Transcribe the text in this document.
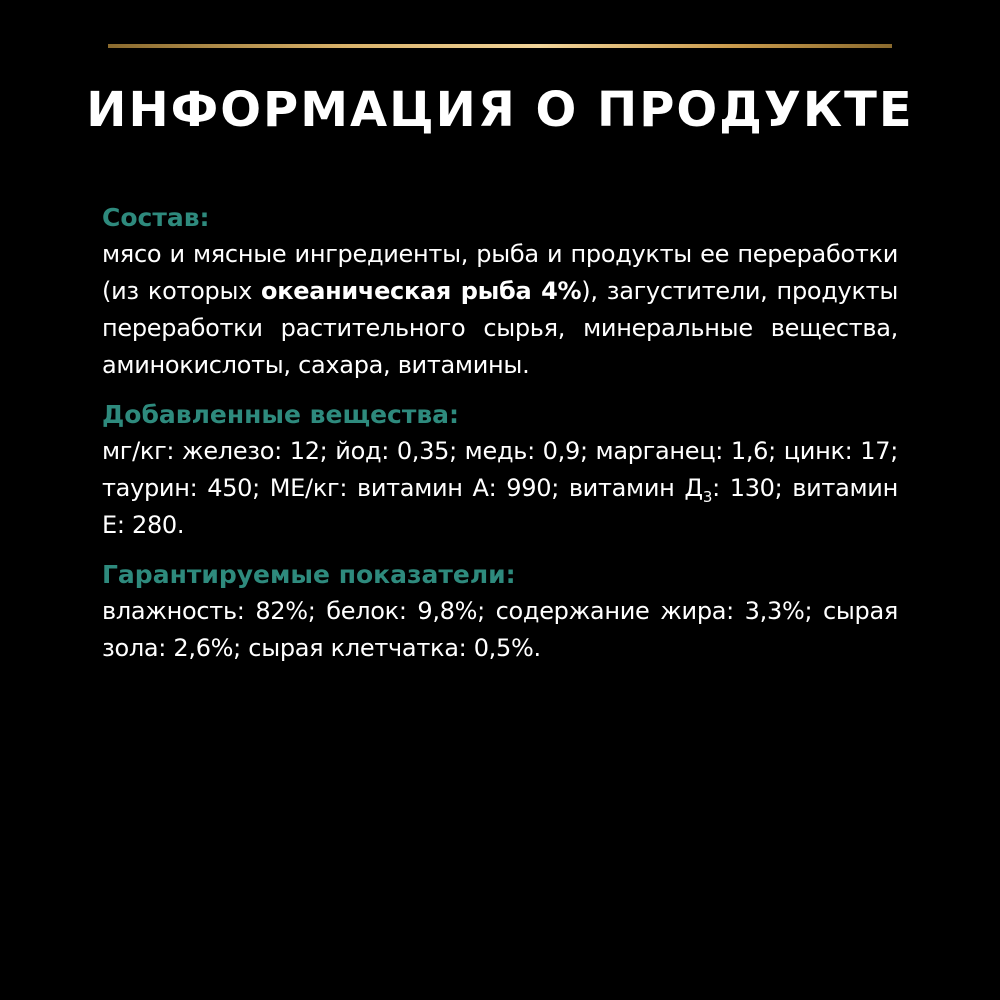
ИНФОРМАЦИЯ О ПРОДУКТЕ
Состав:

мясо и мясные ингредиенты, рыба и продукты ее переработки (из которых океаническая рыба 4%), загустители, продукты переработки растительного сырья, минеральные вещества, аминокислоты, сахара, витамины.

Добавленные вещества:

мг/кг: железо: 12; йод: 0,35; медь: 0,9; марганец: 1,6; цинк: 17; таурин: 450; МЕ/кг: витамин А: 990; витамин $Д_3$: 130; витамин Е: 280.

Гарантируемые показатели:

влажность: 82%; белок: 9,8%; содержание жира: 3,3%; сырая зола: 2,6%; сырая клетчатка: 0,5%.
